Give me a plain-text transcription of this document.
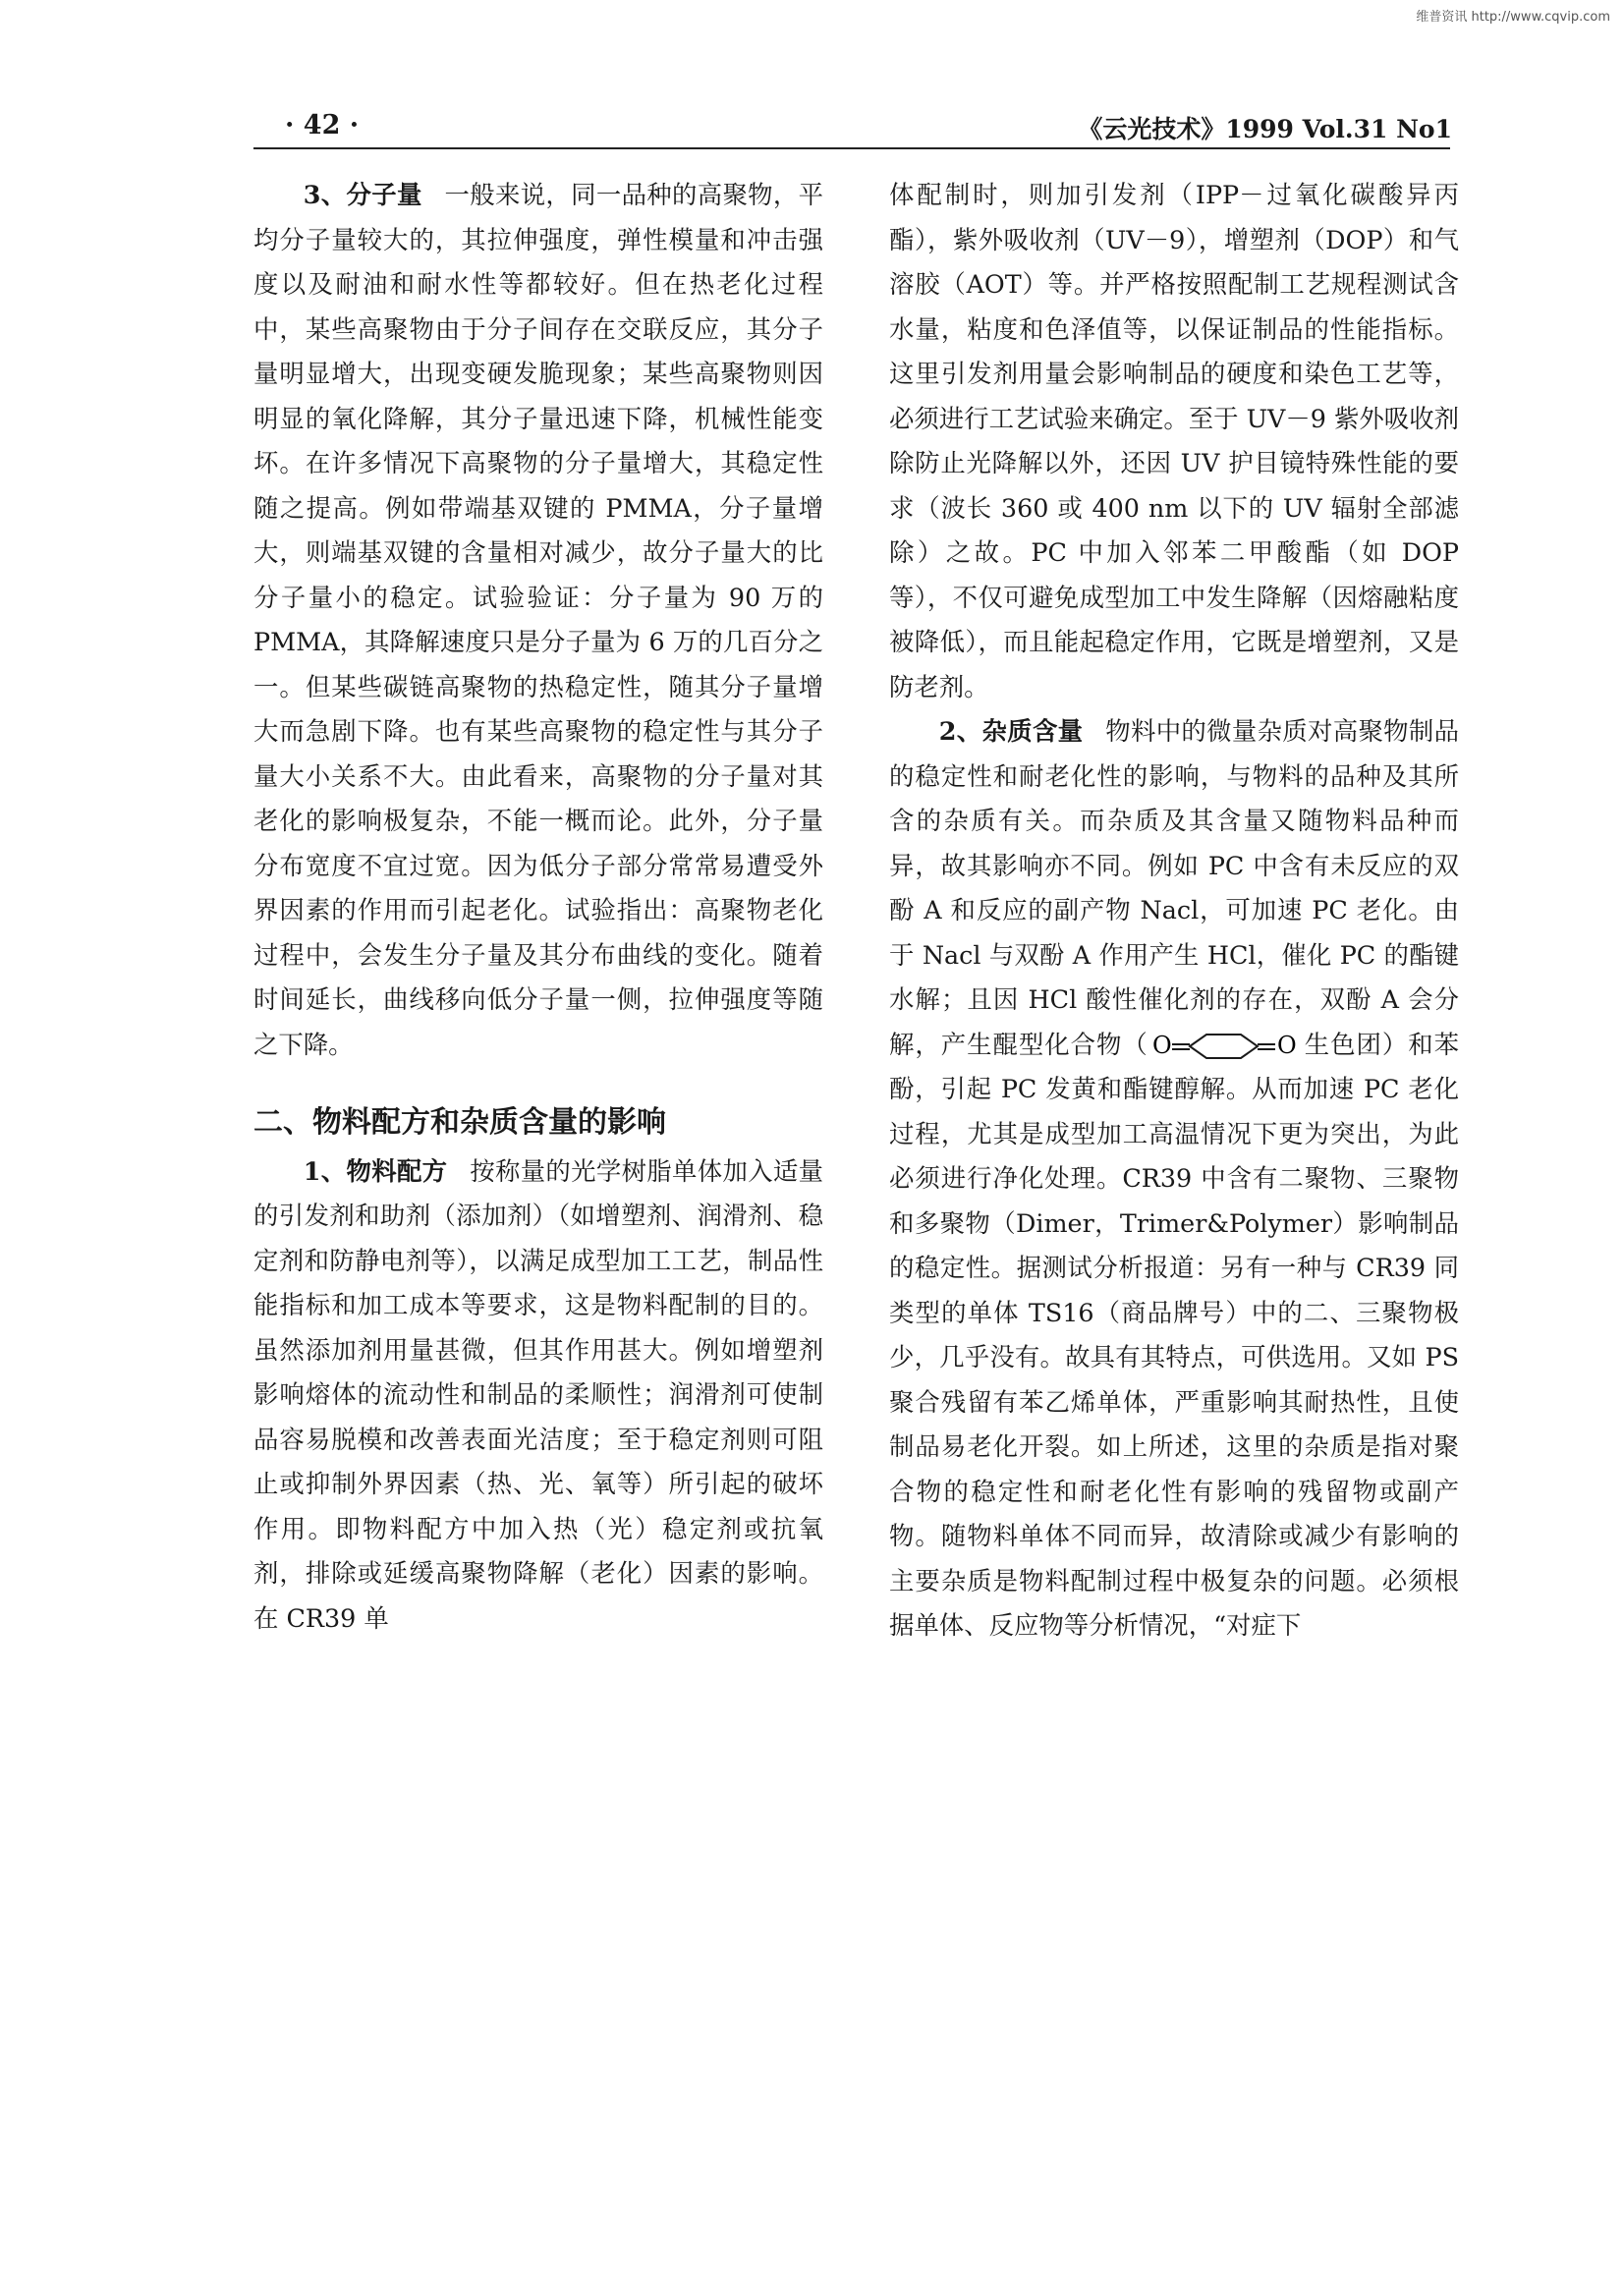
维普资讯 http://www.cqvip.com
· 42 ·	《云光技术》1999 Vol.31 No1

3、分子量 一般来说，同一品种的高聚物，平均分子量较大的，其拉伸强度，弹性模量和冲击强度以及耐油和耐水性等都较好。但在热老化过程中，某些高聚物由于分子间存在交联反应，其分子量明显增大，出现变硬发脆现象；某些高聚物则因明显的氧化降解，其分子量迅速下降，机械性能变坏。在许多情况下高聚物的分子量增大，其稳定性随之提高。例如带端基双键的 PMMA，分子量增大，则端基双键的含量相对减少，故分子量大的比分子量小的稳定。试验验证：分子量为 90 万的 PMMA，其降解速度只是分子量为 6 万的几百分之一。但某些碳链高聚物的热稳定性，随其分子量增大而急剧下降。也有某些高聚物的稳定性与其分子量大小关系不大。由此看来，高聚物的分子量对其老化的影响极复杂，不能一概而论。此外，分子量分布宽度不宜过宽。因为低分子部分常常易遭受外界因素的作用而引起老化。试验指出：高聚物老化过程中，会发生分子量及其分布曲线的变化。随着时间延长，曲线移向低分子量一侧，拉伸强度等随之下降。

二、物料配方和杂质含量的影响

1、物料配方 按称量的光学树脂单体加入适量的引发剂和助剂（添加剂）（如增塑剂、润滑剂、稳定剂和防静电剂等），以满足成型加工工艺，制品性能指标和加工成本等要求，这是物料配制的目的。虽然添加剂用量甚微，但其作用甚大。例如增塑剂影响熔体的流动性和制品的柔顺性；润滑剂可使制品容易脱模和改善表面光洁度；至于稳定剂则可阻止或抑制外界因素（热、光、氧等）所引起的破坏作用。即物料配方中加入热（光）稳定剂或抗氧剂，排除或延缓高聚物降解（老化）因素的影响。在 CR39 单

体配制时，则加引发剂（IPP－过氧化碳酸异丙酯），紫外吸收剂（UV－9），增塑剂（DOP）和气溶胶（AOT）等。并严格按照配制工艺规程测试含水量，粘度和色泽值等，以保证制品的性能指标。这里引发剂用量会影响制品的硬度和染色工艺等，必须进行工艺试验来确定。至于 UV－9 紫外吸收剂除防止光降解以外，还因 UV 护目镜特殊性能的要求（波长 360 或 400 nm 以下的 UV 辐射全部滤除）之故。PC 中加入邻苯二甲酸酯（如 DOP 等），不仅可避免成型加工中发生降解（因熔融粘度被降低），而且能起稳定作用，它既是增塑剂，又是防老剂。

2、杂质含量 物料中的微量杂质对高聚物制品的稳定性和耐老化性的影响，与物料的品种及其所含的杂质有关。而杂质及其含量又随物料品种而异，故其影响亦不同。例如 PC 中含有未反应的双酚 A 和反应的副产物 Nacl，可加速 PC 老化。由于 Nacl 与双酚 A 作用产生 HCl，催化 PC 的酯键水解；且因 HCl 酸性催化剂的存在，双酚 A 会分解，产生醌型化合物（ O	O 生色团）和苯酚，引起 PC 发黄和酯键醇解。从而加速 PC 老化过程，尤其是成型加工高温情况下更为突出，为此必须进行净化处理。CR39 中含有二聚物、三聚物和多聚物（Dimer，Trimer&Polymer）影响制品的稳定性。据测试分析报道：另有一种与 CR39 同类型的单体 TS16（商品牌号）中的二、三聚物极少，几乎没有。故具有其特点，可供选用。又如 PS 聚合残留有苯乙烯单体，严重影响其耐热性，且使制品易老化开裂。如上所述，这里的杂质是指对聚合物的稳定性和耐老化性有影响的残留物或副产物。随物料单体不同而异，故清除或减少有影响的主要杂质是物料配制过程中极复杂的问题。必须根据单体、反应物等分析情况，“对症下
